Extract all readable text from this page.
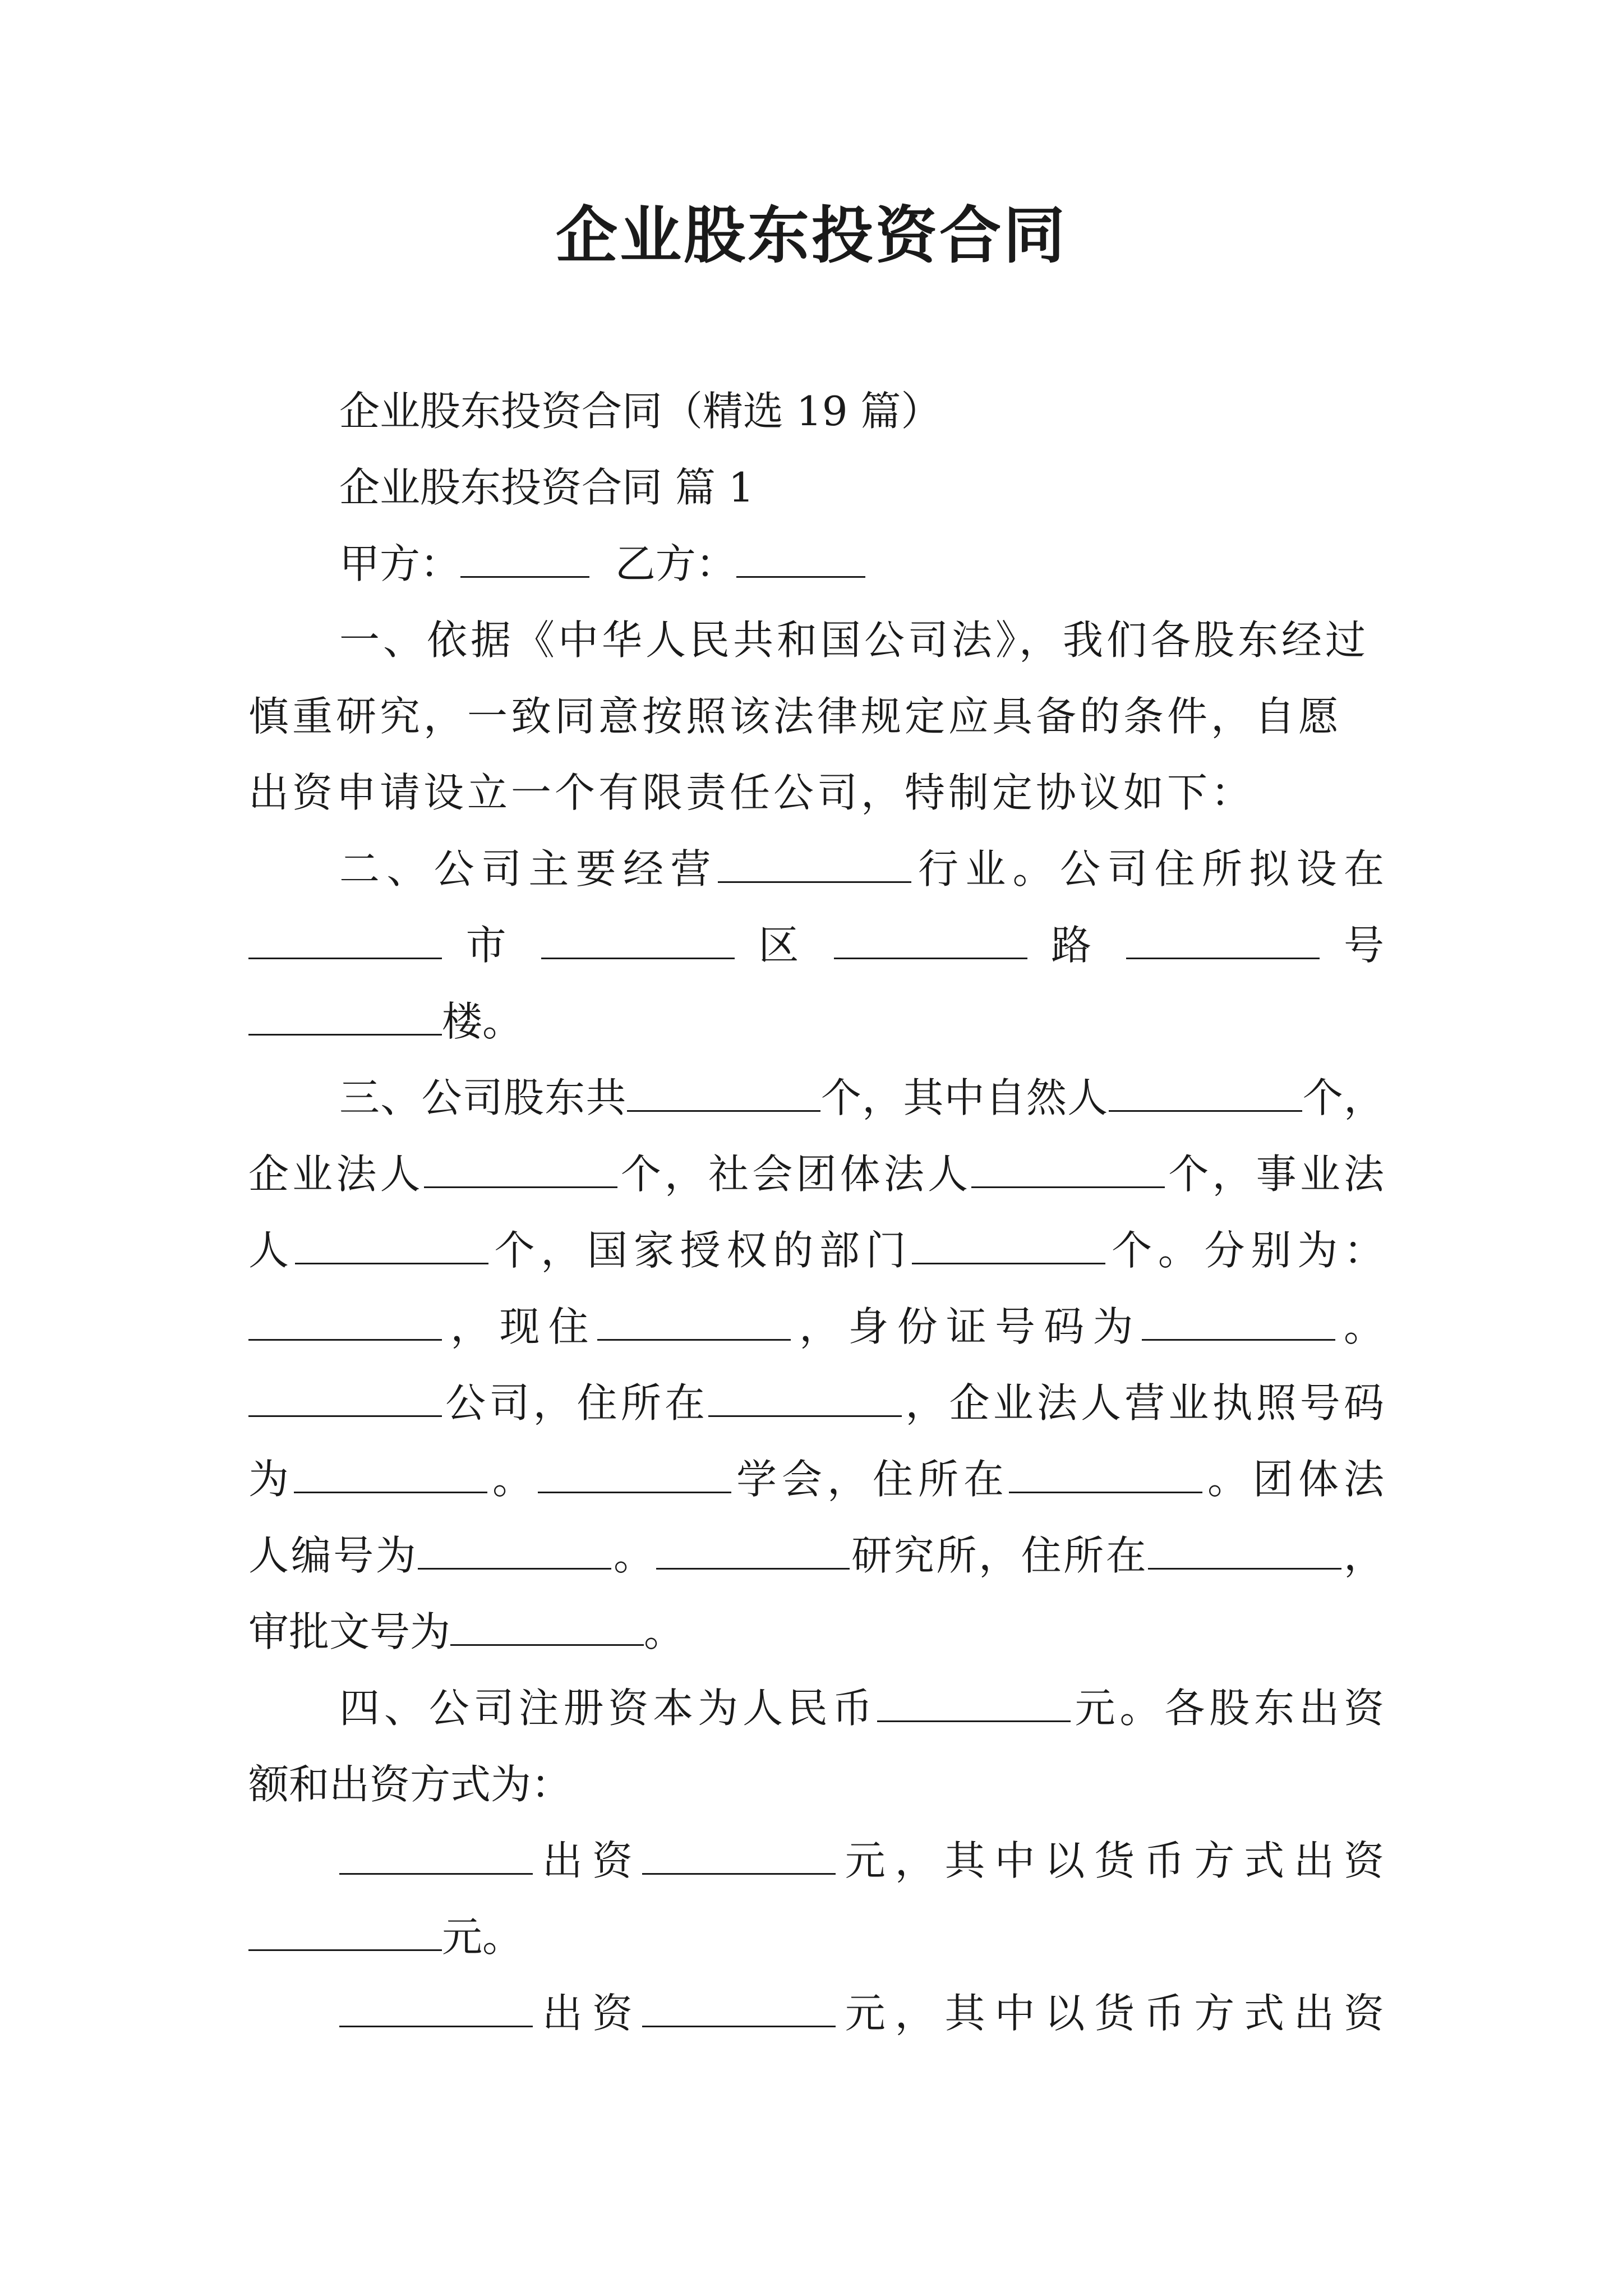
企业股东投资合同

企业股东投资合同（精选 19 篇）

企业股东投资合同 篇 1

甲方：	乙方：

一、依据《中华人民共和国公司法》，我们各股东经过慎重研究，一致同意按照该法律规定应具备的条件，自愿出资申请设立一个有限责任公司，特制定协议如下：

二、公司主要经营	行业。公司住所拟设在

市	区	路	号

楼。

三、公司股东共	个，其中自然人	个，

企业法人	个，社会团体法人	个，事业法

人	个，国家授权的部门	个。分别为：

，现住	，身份证号码为	。

公司，住所在	，企业法人营业执照号码

为	。	学会，住所在	。团体法

人编号为	。	研究所，住所在	，

审批文号为	。

四、公司注册资本为人民币	元。各股东出资

额和出资方式为：

出资	元，其中以货币方式出资

元。

出资	元，其中以货币方式出资
